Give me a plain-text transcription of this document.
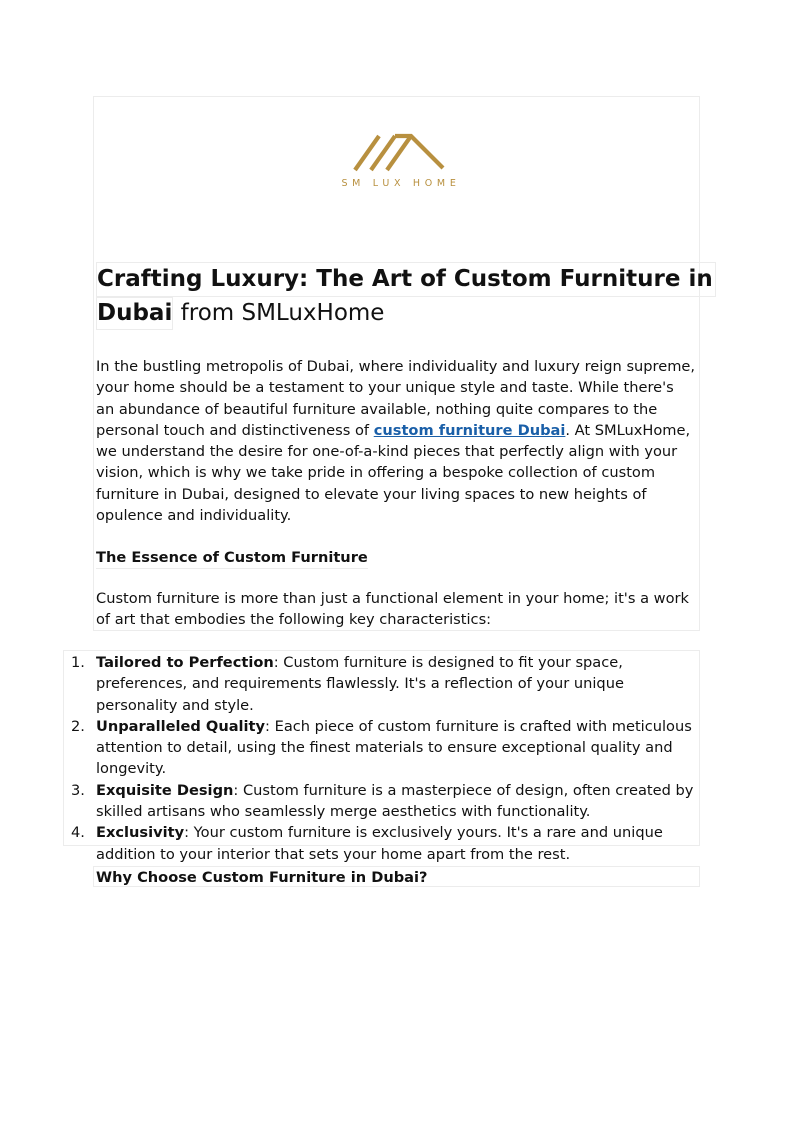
SM LUX HOME
Crafting Luxury: The Art of Custom Furniture in
Dubai from SMLuxHome
In the bustling metropolis of Dubai, where individuality and luxury reign supreme, your home should be a testament to your unique style and taste. While there's an abundance of beautiful furniture available, nothing quite compares to the personal touch and distinctiveness of custom furniture Dubai. At SMLuxHome, we understand the desire for one-of-a-kind pieces that perfectly align with your vision, which is why we take pride in offering a bespoke collection of custom furniture in Dubai, designed to elevate your living spaces to new heights of opulence and individuality.
The Essence of Custom Furniture
Custom furniture is more than just a functional element in your home; it's a work of art that embodies the following key characteristics:
1. Tailored to Perfection: Custom furniture is designed to fit your space, preferences, and requirements flawlessly. It's a reflection of your unique personality and style.
2. Unparalleled Quality: Each piece of custom furniture is crafted with meticulous attention to detail, using the finest materials to ensure exceptional quality and longevity.
3. Exquisite Design: Custom furniture is a masterpiece of design, often created by skilled artisans who seamlessly merge aesthetics with functionality.
4. Exclusivity: Your custom furniture is exclusively yours. It's a rare and unique addition to your interior that sets your home apart from the rest.
Why Choose Custom Furniture in Dubai?
